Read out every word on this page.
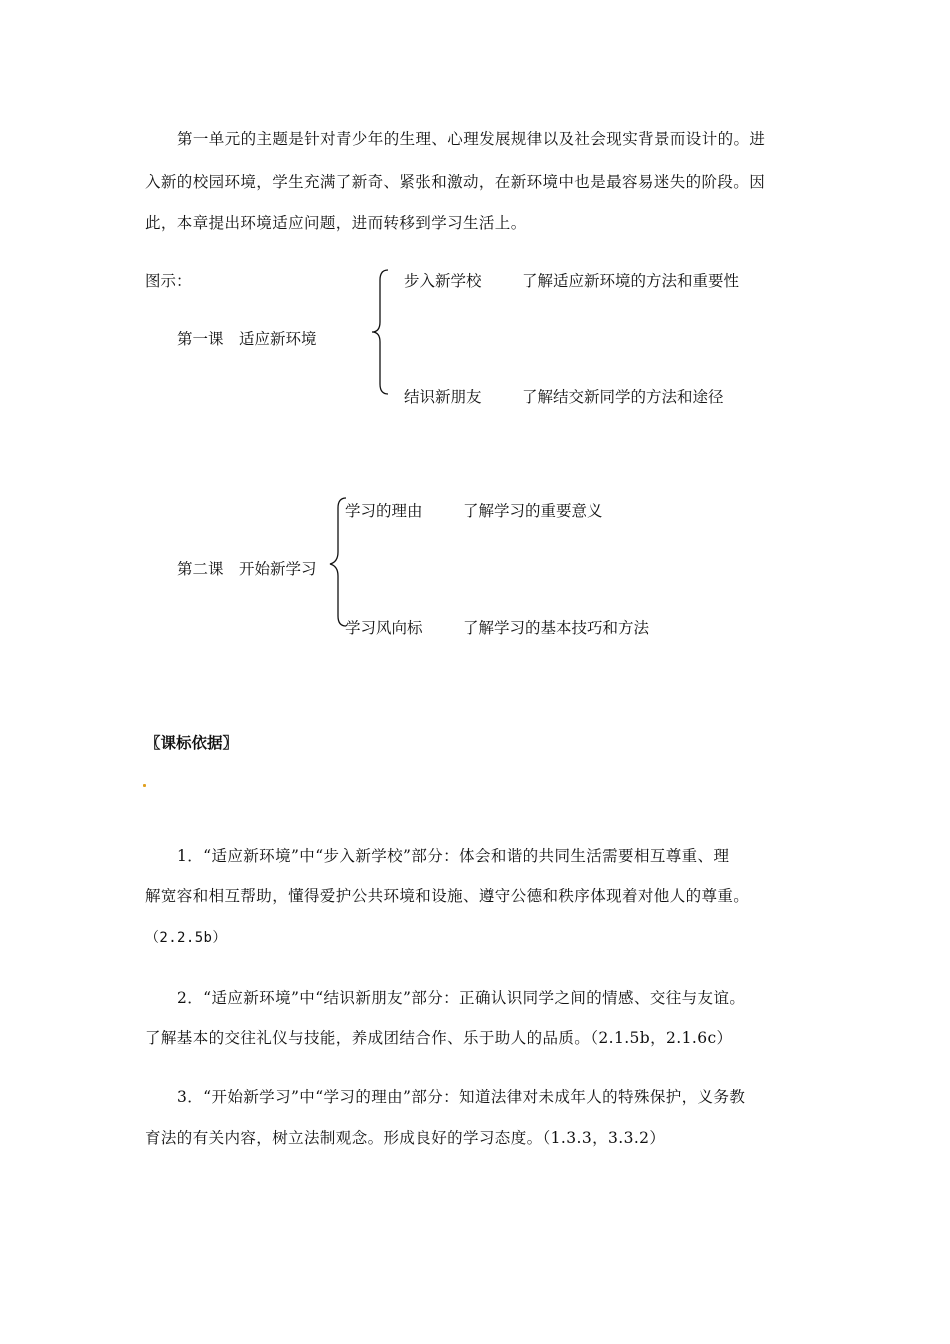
第一单元的主题是针对青少年的生理、心理发展规律以及社会现实背景而设计的。进
入新的校园环境，学生充满了新奇、紧张和激动，在新环境中也是最容易迷失的阶段。因
此，本章提出环境适应问题，进而转移到学习生活上。
图示：
第一课　适应新环境
步入新学校	了解适应新环境的方法和重要性
结识新朋友	了解结交新同学的方法和途径
第二课　开始新学习
学习的理由	了解学习的重要意义
学习风向标	了解学习的基本技巧和方法
〖课标依据〗
1．“适应新环境”中“步入新学校”部分：体会和谐的共同生活需要相互尊重、理
解宽容和相互帮助，懂得爱护公共环境和设施、遵守公德和秩序体现着对他人的尊重。
（2.2.5b）
2．“适应新环境”中“结识新朋友”部分：正确认识同学之间的情感、交往与友谊。
了解基本的交往礼仪与技能，养成团结合作、乐于助人的品质。（2.1.5b，2.1.6c）
3．“开始新学习”中“学习的理由”部分：知道法律对未成年人的特殊保护，义务教
育法的有关内容，树立法制观念。形成良好的学习态度。（1.3.3，3.3.2）
